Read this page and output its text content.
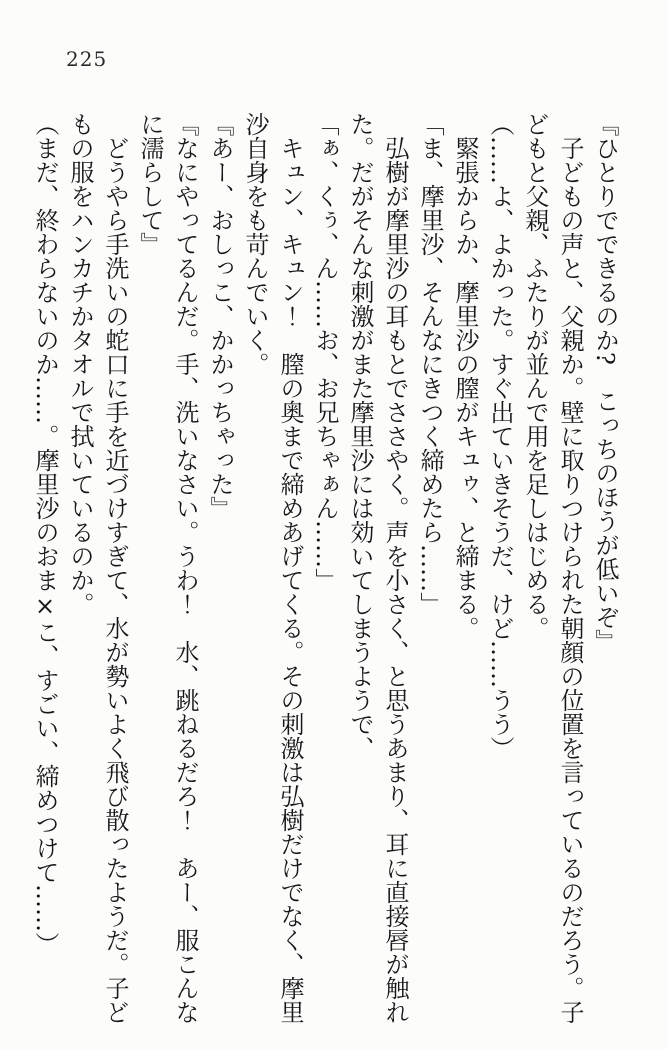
225

『ひとりでできるのか?　こっちのほうが低いぞ』

子どもの声と、父親か。壁に取りつけられた朝顔の位置を言っているのだろう。子

どもと父親、ふたりが並んで用を足しはじめる。

（……よ、よかった。すぐ出ていきそうだ、けど……うう）

緊張からか、摩里沙の膣がキュゥ、と締まる。

「ま、摩里沙、そんなにきつく締めたら……」

弘樹が摩里沙の耳もとでささやく。声を小さく、と思うあまり、耳に直接唇が触れ

た。だがそんな刺激がまた摩里沙には効いてしまうようで、

「ぁ、くぅ、ん……お、お兄ちゃぁん……」

キュン、キュン！　膣の奥まで締めあげてくる。その刺激は弘樹だけでなく、摩里

沙自身をも苛んでいく。

『あー、おしっこ、かかっちゃった』

『なにやってるんだ。手、洗いなさい。うわ！　水、跳ねるだろ！　あー、服こんな

に濡らして』

どうやら手洗いの蛇口に手を近づけすぎて、水が勢いよく飛び散ったようだ。子ど

もの服をハンカチかタオルで拭いているのか。

（まだ、終わらないのか……。摩里沙のおま×こ、すごい、締めつけて……）
